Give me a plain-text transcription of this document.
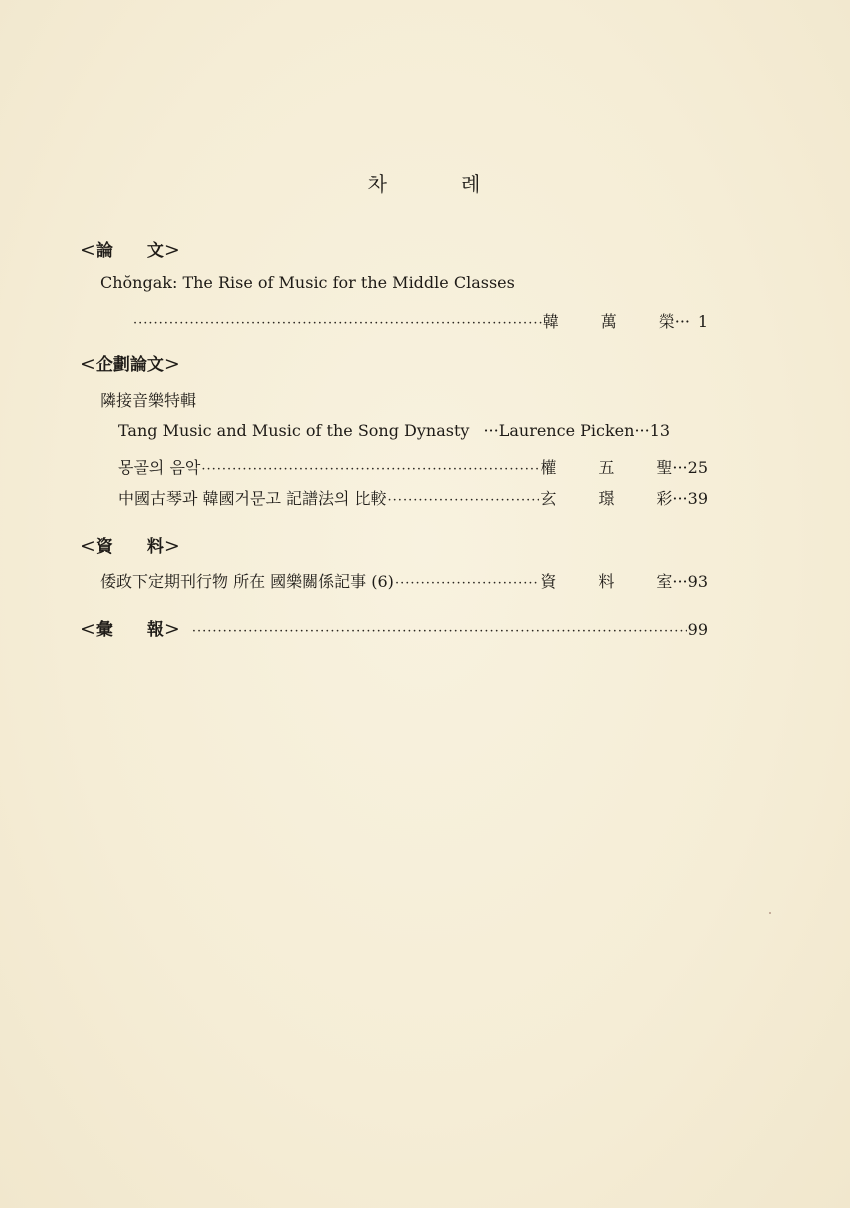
차	례
<論 文>
Chŏngak: The Rise of Music for the Middle Classes
·····
韓	萬	榮 ··· 1
<企劃論文>
隣接音樂特輯
Tang Music and Music of the Song Dynasty ··· Laurence Picken ··· 13
몽골의 음악 ·····	權	五	聖 ··· 25
中國古琴과 韓國거문고 記譜法의 比較 ·····	玄	璟	彩 ··· 39
<資 料>
倭政下定期刊行物 所在 國樂關係記事 (6) ·····	資	料	室 ··· 93
<彙 報> ·····	99
